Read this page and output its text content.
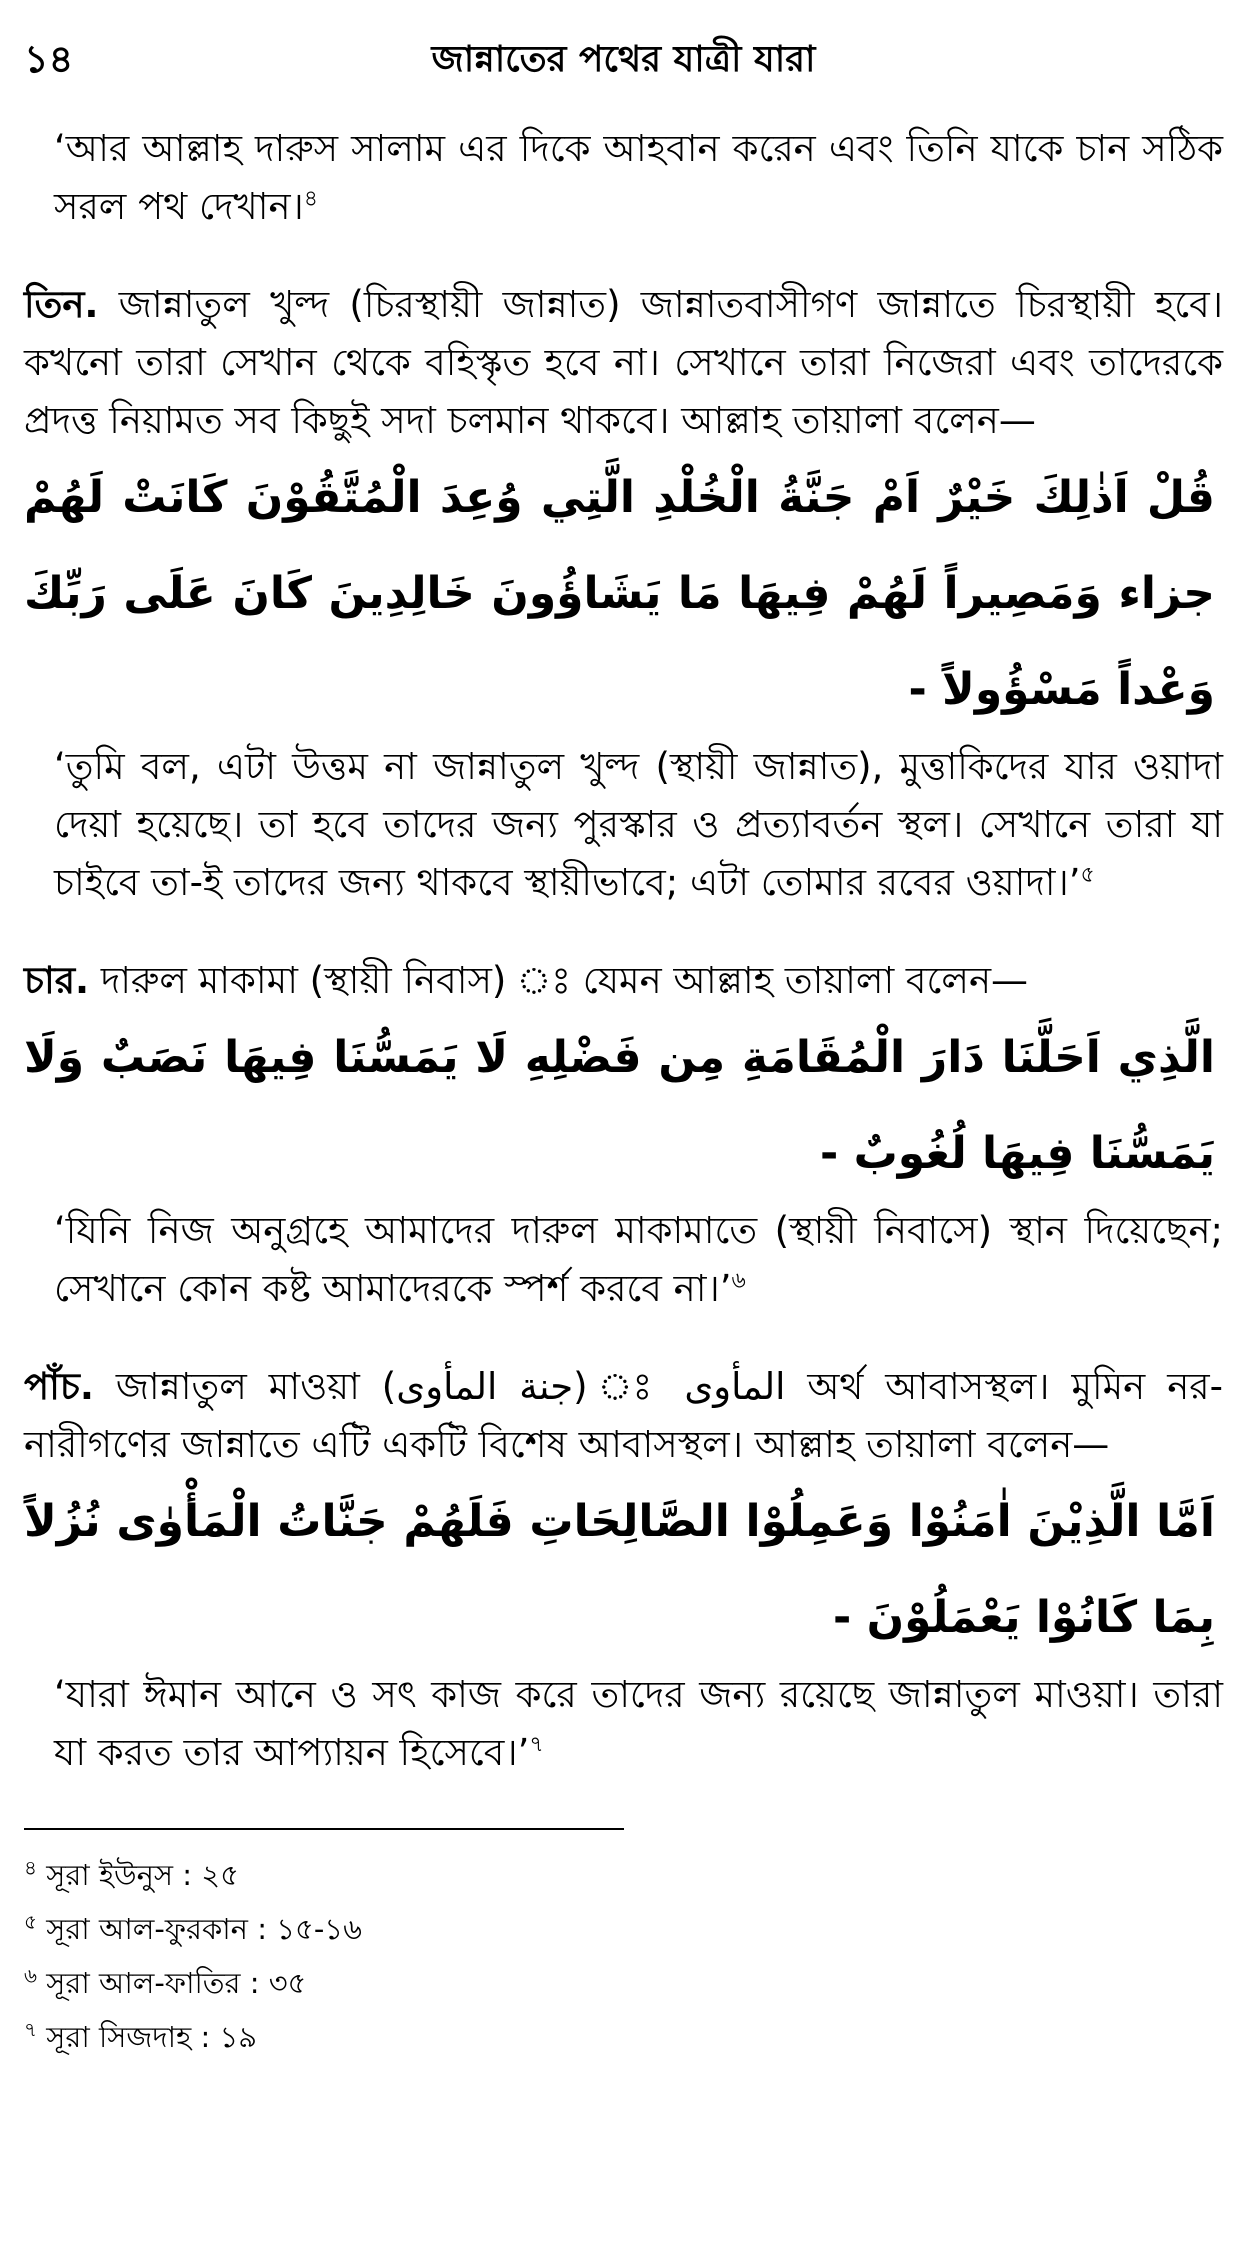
১৪	জান্নাতের পথের যাত্রী যারা

‘আর আল্লাহ দারুস সালাম এর দিকে আহবান করেন এবং তিনি যাকে চান সঠিক সরল পথ দেখান।$^৪$

তিন. জান্নাতুল খুল্দ (চিরস্থায়ী জান্নাত) জান্নাতবাসীগণ জান্নাতে চিরস্থায়ী হবে। কখনো তারা সেখান থেকে বহিস্কৃত হবে না। সেখানে তারা নিজেরা এবং তাদেরকে প্রদত্ত নিয়ামত সব কিছুই সদা চলমান থাকবে। আল্লাহ তায়ালা বলেন—

قُلْ اَذٰلِكَ خَيْرٌ اَمْ جَنَّةُ الْخُلْدِ الَّتِي وُعِدَ الْمُتَّقُوْنَ كَانَتْ لَهُمْ جزاء وَمَصِيراً لَهُمْ فِيهَا مَا يَشَاؤُونَ خَالِدِينَ كَانَ عَلَى رَبِّكَ وَعْداً مَسْؤُولاً -

‘তুমি বল, এটা উত্তম না জান্নাতুল খুল্দ (স্থায়ী জান্নাত), মুত্তাকিদের যার ওয়াদা দেয়া হয়েছে। তা হবে তাদের জন্য পুরস্কার ও প্রত্যাবর্তন স্থল। সেখানে তারা যা চাইবে তা-ই তাদের জন্য থাকবে স্থায়ীভাবে; এটা তোমার রবের ওয়াদা।’$^৫$

চার. দারুল মাকামা (স্থায়ী নিবাস) ঃ যেমন আল্লাহ তায়ালা বলেন—

الَّذِي اَحَلَّنَا دَارَ الْمُقَامَةِ مِن فَضْلِهِ لَا يَمَسُّنَا فِيهَا نَصَبٌ وَلَا يَمَسُّنَا فِيهَا لُغُوبٌ -

‘যিনি নিজ অনুগ্রহে আমাদের দারুল মাকামাতে (স্থায়ী নিবাসে) স্থান দিয়েছেন; সেখানে কোন কষ্ট আমাদেরকে স্পর্শ করবে না।’$^৬$

পাঁচ. জান্নাতুল মাওয়া (جنة المأوى) ঃ المأوى অর্থ আবাসস্থল। মুমিন নর-নারীগণের জান্নাতে এটি একটি বিশেষ আবাসস্থল। আল্লাহ তায়ালা বলেন—

اَمَّا الَّذِيْنَ اٰمَنُوْا وَعَمِلُوْا الصَّالِحَاتِ فَلَهُمْ جَنَّاتُ الْمَأْوٰى نُزُلاً بِمَا كَانُوْا يَعْمَلُوْنَ -

‘যারা ঈমান আনে ও সৎ কাজ করে তাদের জন্য রয়েছে জান্নাতুল মাওয়া। তারা যা করত তার আপ্যায়ন হিসেবে।’$^৭$

$^৪$ সূরা ইউনুস : ২৫

$^৫$ সূরা আল-ফুরকান : ১৫-১৬

$^৬$ সূরা আল-ফাতির : ৩৫

$^৭$ সূরা সিজদাহ : ১৯
